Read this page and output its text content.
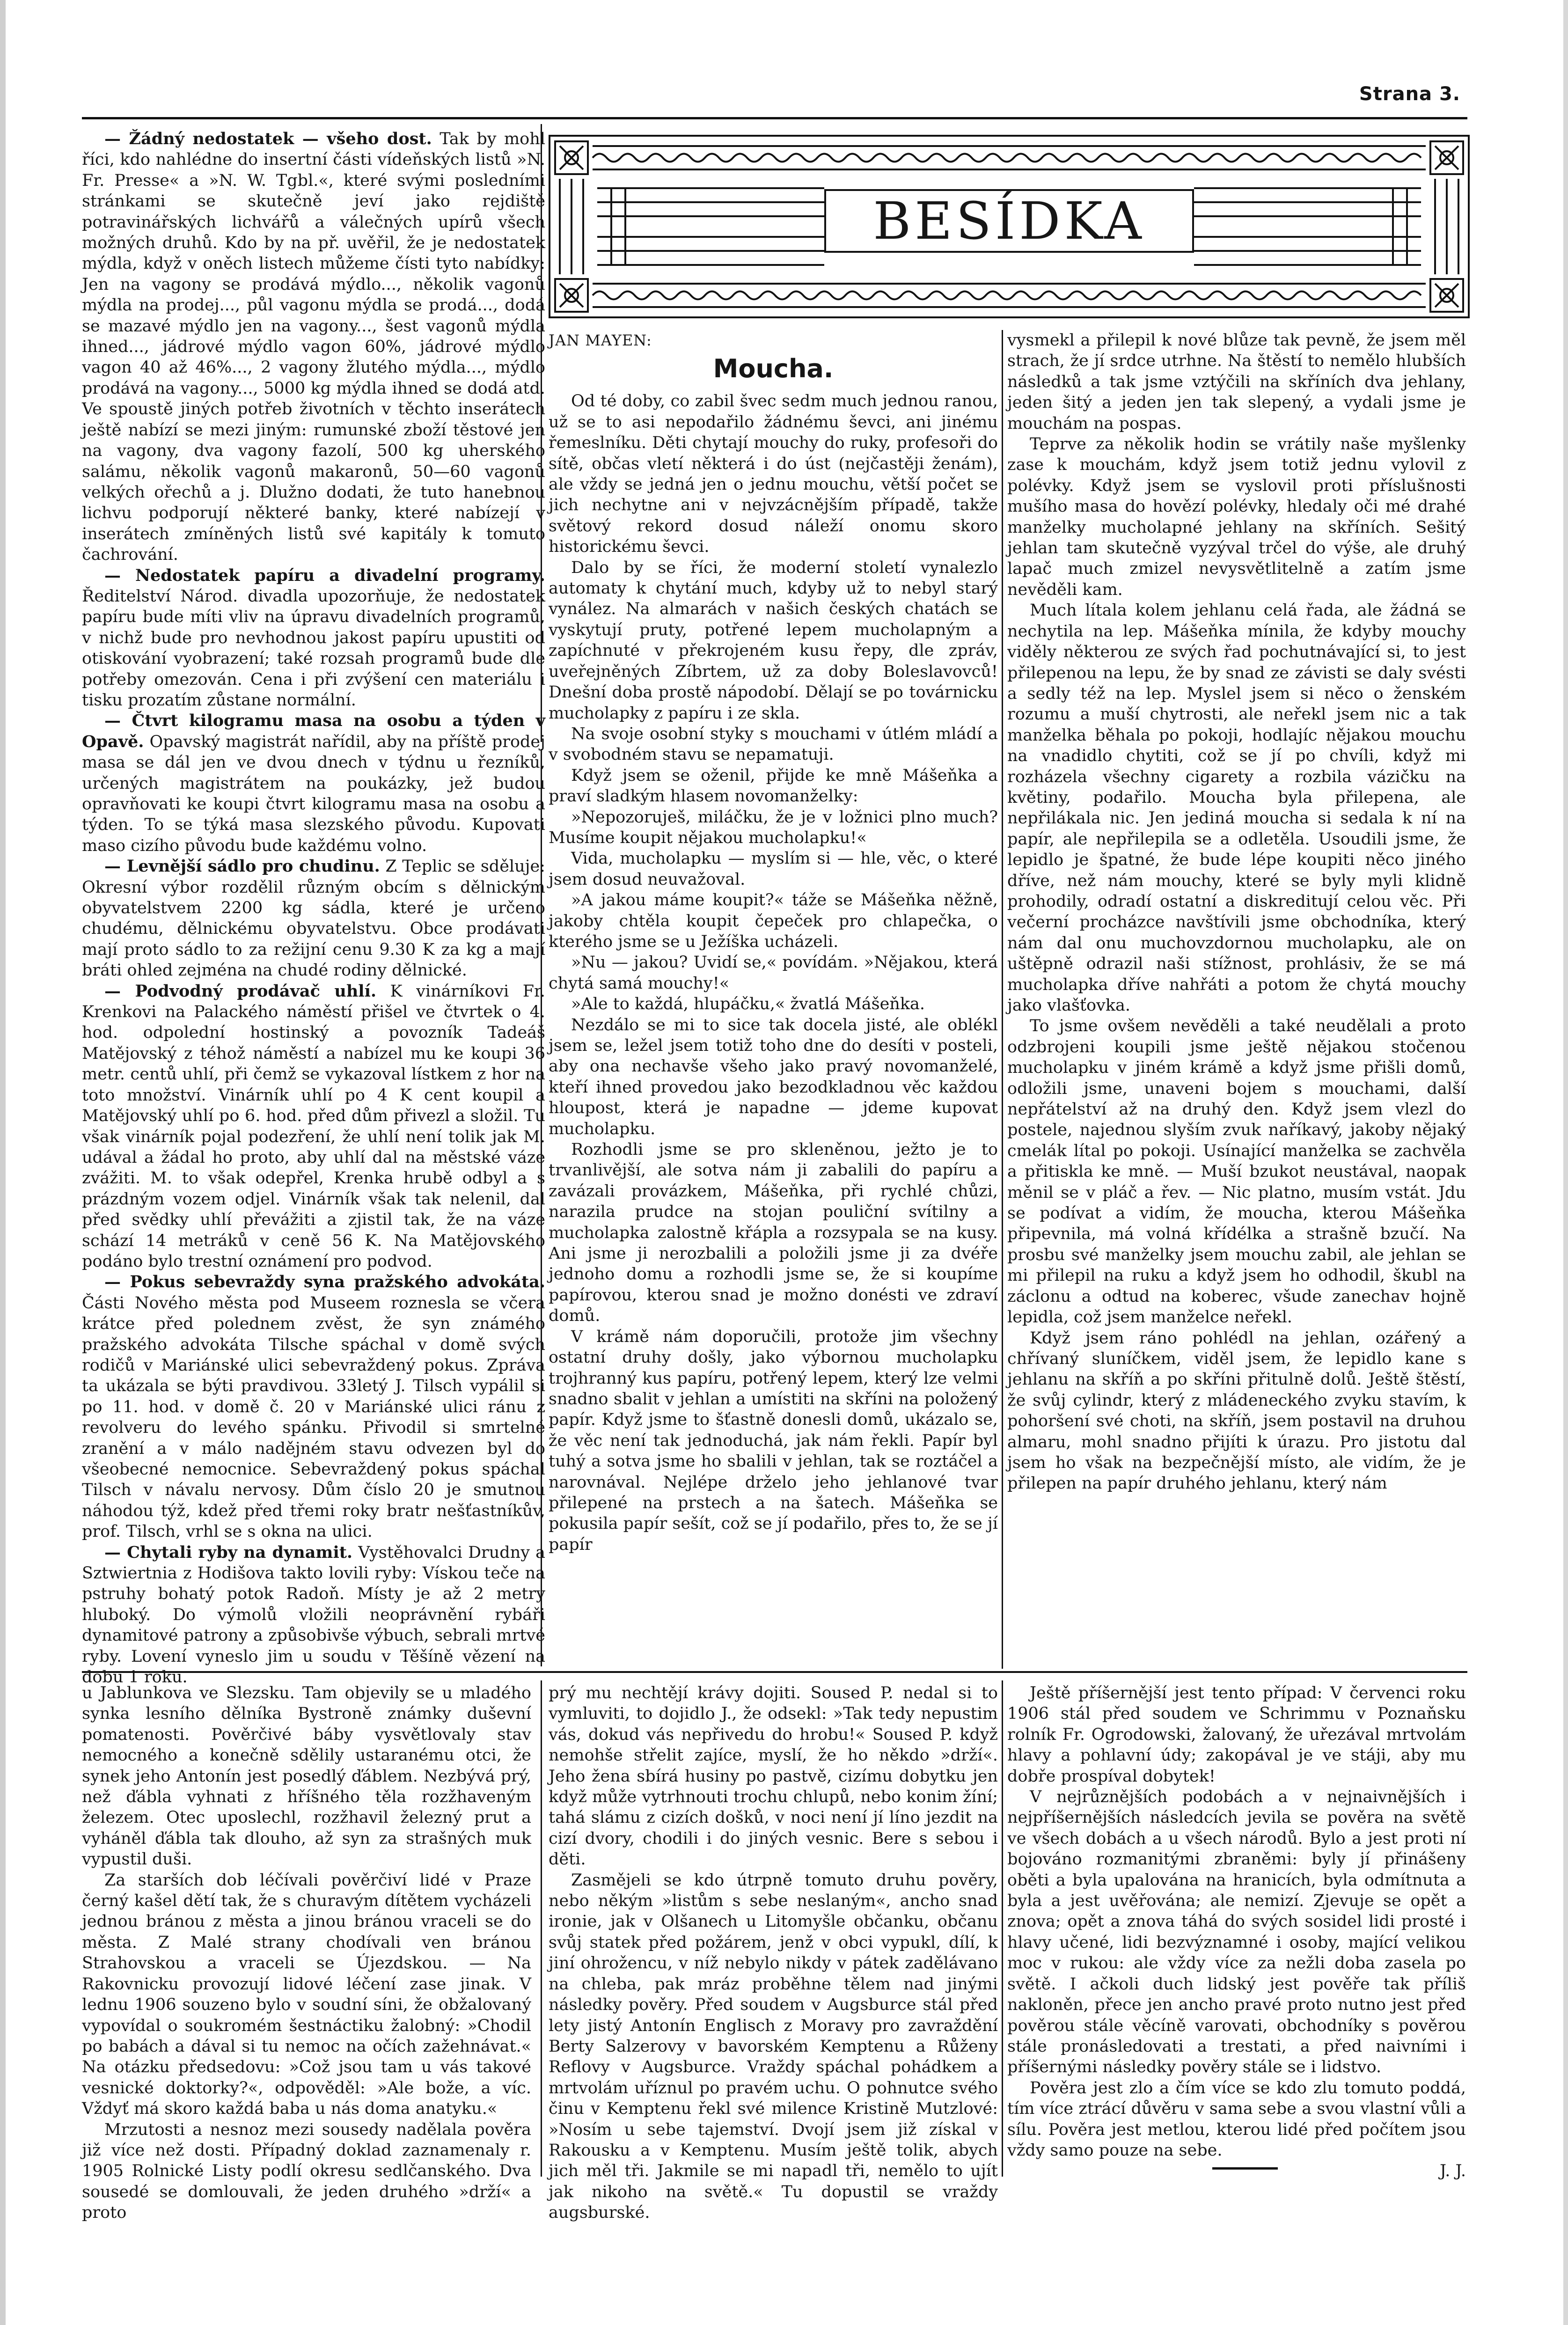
Strana 3.

— Žádný nedostatek — všeho dost. Tak by mohl říci, kdo nahlédne do insertní části vídeňských listů »N. Fr. Presse« a »N. W. Tgbl.«, které svými posledními stránkami se skutečně jeví jako rejdiště potravinářských lichvářů a válečných upírů všech možných druhů. Kdo by na př. uvěřil, že je nedostatek mýdla, když v oněch listech můžeme čísti tyto nabídky: Jen na vagony se prodává mýdlo..., několik vagonů mýdla na prodej..., půl vagonu mýdla se prodá..., dodá se mazavé mýdlo jen na vagony..., šest vagonů mýdla ihned..., jádrové mýdlo vagon 60%, jádrové mýdlo vagon 40 až 46%..., 2 vagony žlutého mýdla..., mýdlo prodává na vagony..., 5000 kg mýdla ihned se dodá atd. Ve spoustě jiných potřeb životních v těchto inserátech ještě nabízí se mezi jiným: rumunské zboží těstové jen na vagony, dva vagony fazolí, 500 kg uherského salámu, několik vagonů makaronů, 50—60 vagonů velkých ořechů a j. Dlužno dodati, že tuto hanebnou lichvu podporují některé banky, které nabízejí v inserátech zmíněných listů své kapitály k tomuto čachrování.

— Nedostatek papíru a divadelní programy. Ředitelství Národ. divadla upozorňuje, že nedostatek papíru bude míti vliv na úpravu divadelních programů, v nichž bude pro nevhodnou jakost papíru upustiti od otiskování vyobrazení; také rozsah programů bude dle potřeby omezován. Cena i při zvýšení cen materiálu i tisku prozatím zůstane normální.

— Čtvrt kilogramu masa na osobu a týden v Opavě. Opavský magistrát nařídil, aby na příště prodej masa se dál jen ve dvou dnech v týdnu u řezníků, určených magistrátem na poukázky, jež budou opravňovati ke koupi čtvrt kilogramu masa na osobu a týden. To se týká masa slezského původu. Kupovati maso cizího původu bude každému volno.

— Levnější sádlo pro chudinu. Z Teplic se sděluje: Okresní výbor rozdělil různým obcím s dělnickým obyvatelstvem 2200 kg sádla, které je určeno chudému, dělnickému obyvatelstvu. Obce prodávati mají proto sádlo to za režijní cenu 9.30 K za kg a mají bráti ohled zejména na chudé rodiny dělnické.

— Podvodný prodávač uhlí. K vinárníkovi Fr. Krenkovi na Palackého náměstí přišel ve čtvrtek o 4. hod. odpolední hostinský a povozník Tadeáš Matějovský z téhož náměstí a nabízel mu ke koupi 36 metr. centů uhlí, při čemž se vykazoval lístkem z hor na toto množství. Vinárník uhlí po 4 K cent koupil a Matějovský uhlí po 6. hod. před dům přivezl a složil. Tu však vinárník pojal podezření, že uhlí není tolik jak M. udával a žádal ho proto, aby uhlí dal na městské váze zvážiti. M. to však odepřel, Krenka hrubě odbyl a s prázdným vozem odjel. Vinárník však tak nelenil, dal před svědky uhlí převážiti a zjistil tak, že na váze schází 14 metráků v ceně 56 K. Na Matějovského podáno bylo trestní oznámení pro podvod.

— Pokus sebevraždy syna pražského advokáta. Části Nového města pod Museem roznesla se včera krátce před polednem zvěst, že syn známého pražského advokáta Tilsche spáchal v domě svých rodičů v Mariánské ulici sebevraždený pokus. Zpráva ta ukázala se býti pravdivou. 33letý J. Tilsch vypálil si po 11. hod. v domě č. 20 v Mariánské ulici ránu z revolveru do levého spánku. Přivodil si smrtelné zranění a v málo nadějném stavu odvezen byl do všeobecné nemocnice. Sebevraždený pokus spáchal Tilsch v návalu nervosy. Dům číslo 20 je smutnou náhodou týž, kdež před třemi roky bratr nešťastníkův, prof. Tilsch, vrhl se s okna na ulici.

— Chytali ryby na dynamit. Vystěhovalci Drudny a Sztwiertnia z Hodišova takto lovili ryby: Vískou teče na pstruhy bohatý potok Radoň. Místy je až 2 metry hluboký. Do výmolů vložili neoprávnění rybáři dynamitové patrony a způsobivše výbuch, sebrali mrtvé ryby. Lovení vyneslo jim u soudu v Těšíně vězení na dobu 1 roku.

BESÍDKA

JAN MAYEN:

Moucha.

Od té doby, co zabil švec sedm much jednou ranou, už se to asi nepodařilo žádnému ševci, ani jinému řemeslníku. Děti chytají mouchy do ruky, profesoři do sítě, občas vletí některá i do úst (nejčastěji ženám), ale vždy se jedná jen o jednu mouchu, větší počet se jich nechytne ani v nejvzácnějším případě, takže světový rekord dosud náleží onomu skoro historickému ševci.

Dalo by se říci, že moderní století vynalezlo automaty k chytání much, kdyby už to nebyl starý vynález. Na almarách v našich českých chatách se vyskytují pruty, potřené lepem mucholapným a zapíchnuté v překrojeném kusu řepy, dle zpráv, uveřejněných Zíbrtem, už za doby Boleslavovců! Dnešní doba prostě nápodobí. Dělají se po továrnicku mucholapky z papíru i ze skla.

Na svoje osobní styky s mouchami v útlém mládí a v svobodném stavu se nepamatuji.

Když jsem se oženil, přijde ke mně Mášeňka a praví sladkým hlasem novomanželky:

»Nepozoruješ, miláčku, že je v ložnici plno much? Musíme koupit nějakou mucholapku!«

Vida, mucholapku — myslím si — hle, věc, o které jsem dosud neuvažoval.

»A jakou máme koupit?« táže se Mášeňka něžně, jakoby chtěla koupit čepeček pro chlapečka, o kterého jsme se u Ježíška ucházeli.

»Nu — jakou? Uvidí se,« povídám. »Nějakou, která chytá samá mouchy!«

»Ale to každá, hlupáčku,« žvatlá Mášeňka.

Nezdálo se mi to sice tak docela jisté, ale oblékl jsem se, ležel jsem totiž toho dne do desíti v posteli, aby ona nechavše všeho jako pravý novomanželé, kteří ihned provedou jako bezodkladnou věc každou hloupost, která je napadne — jdeme kupovat mucholapku.

Rozhodli jsme se pro skleněnou, ježto je to trvanlivější, ale sotva nám ji zabalili do papíru a zavázali provázkem, Mášeňka, při rychlé chůzi, narazila prudce na stojan pouliční svítilny a mucholapka zalostně křápla a rozsypala se na kusy. Ani jsme ji nerozbalili a položili jsme ji za dvéře jednoho domu a rozhodli jsme se, že si koupíme papírovou, kterou snad je možno donésti ve zdraví domů.

V krámě nám doporučili, protože jim všechny ostatní druhy došly, jako výbornou mucholapku trojhranný kus papíru, potřený lepem, který lze velmi snadno sbalit v jehlan a umístiti na skříni na položený papír. Když jsme to šťastně donesli domů, ukázalo se, že věc není tak jednoduchá, jak nám řekli. Papír byl tuhý a sotva jsme ho sbalili v jehlan, tak se roztáčel a narovnával. Nejlépe drželo jeho jehlanové tvar přilepené na prstech a na šatech. Mášeňka se pokusila papír sešít, což se jí podařilo, přes to, že se jí papír

vysmekl a přilepil k nové blůze tak pevně, že jsem měl strach, že jí srdce utrhne. Na štěstí to nemělo hlubších následků a tak jsme vztýčili na skříních dva jehlany, jeden šitý a jeden jen tak slepený, a vydali jsme je mouchám na pospas.

Teprve za několik hodin se vrátily naše myšlenky zase k mouchám, když jsem totiž jednu vylovil z polévky. Když jsem se vyslovil proti příslušnosti mušího masa do hovězí polévky, hledaly oči mé drahé manželky mucholapné jehlany na skříních. Sešitý jehlan tam skutečně vyzýval trčel do výše, ale druhý lapač much zmizel nevysvětlitelně a zatím jsme nevěděli kam.

Much lítala kolem jehlanu celá řada, ale žádná se nechytila na lep. Mášeňka mínila, že kdyby mouchy viděly některou ze svých řad pochutnávající si, to jest přilepenou na lepu, že by snad ze závisti se daly svésti a sedly též na lep. Myslel jsem si něco o ženském rozumu a muší chytrosti, ale neřekl jsem nic a tak manželka běhala po pokoji, hodlajíc nějakou mouchu na vnadidlo chytiti, což se jí po chvíli, když mi rozházela všechny cigarety a rozbila vázičku na květiny, podařilo. Moucha byla přilepena, ale nepřilákala nic. Jen jediná moucha si sedala k ní na papír, ale nepřilepila se a odletěla. Usoudili jsme, že lepidlo je špatné, že bude lépe koupiti něco jiného dříve, než nám mouchy, které se byly myli klidně prohodily, odradí ostatní a diskreditují celou věc. Při večerní procházce navštívili jsme obchodníka, který nám dal onu muchovzdornou mucholapku, ale on uštěpně odrazil naši stížnost, prohlásiv, že se má mucholapka dříve nahřáti a potom že chytá mouchy jako vlašťovka.

To jsme ovšem nevěděli a také neudělali a proto odzbrojeni koupili jsme ještě nějakou stočenou mucholapku v jiném krámě a když jsme přišli domů, odložili jsme, unaveni bojem s mouchami, další nepřátelství až na druhý den. Když jsem vlezl do postele, najednou slyším zvuk naříkavý, jakoby nějaký cmelák lítal po pokoji. Usínající manželka se zachvěla a přitiskla ke mně. — Muší bzukot neustával, naopak měnil se v pláč a řev. — Nic platno, musím vstát. Jdu se podívat a vidím, že moucha, kterou Mášeňka připevnila, má volná křídélka a strašně bzučí. Na prosbu své manželky jsem mouchu zabil, ale jehlan se mi přilepil na ruku a když jsem ho odhodil, škubl na záclonu a odtud na koberec, všude zanechav hojně lepidla, což jsem manželce neřekl.

Když jsem ráno pohlédl na jehlan, ozářený a chřívaný sluníčkem, viděl jsem, že lepidlo kane s jehlanu na skříň a po skříni přitulně dolů. Ještě štěstí, že svůj cylindr, který z mládeneckého zvyku stavím, k pohoršení své choti, na skříň, jsem postavil na druhou almaru, mohl snadno přijíti k úrazu. Pro jistotu dal jsem ho však na bezpečnější místo, ale vidím, že je přilepen na papír druhého jehlanu, který nám

u Jablunkova ve Slezsku. Tam objevily se u mladého synka lesního dělníka Bystroně známky duševní pomatenosti. Pověrčivé báby vysvětlovaly stav nemocného a konečně sdělily ustaranému otci, že synek jeho Antonín jest posedlý ďáblem. Nezbývá prý, než ďábla vyhnati z hříšného těla rozžhaveným železem. Otec uposlechl, rozžhavil železný prut a vyháněl ďábla tak dlouho, až syn za strašných muk vypustil duši.

Za starších dob léčívali pověrčiví lidé v Praze černý kašel dětí tak, že s churavým dítětem vycházeli jednou bránou z města a jinou bránou vraceli se do města. Z Malé strany chodívali ven bránou Strahovskou a vraceli se Újezdskou. — Na Rakovnicku provozují lidové léčení zase jinak. V lednu 1906 souzeno bylo v soudní síni, že obžalovaný vypovídal o soukromém šestnáctiku žalobný: »Chodil po babách a dával si tu nemoc na očích zažehnávat.« Na otázku předsedovu: »Což jsou tam u vás takové vesnické doktorky?«, odpověděl: »Ale bože, a víc. Vždyť má skoro každá baba u nás doma anatyku.«

Mrzutosti a nesnoz mezi sousedy nadělala pověra již více než dosti. Případný doklad zaznamenaly r. 1905 Rolnické Listy podlí okresu sedlčanského. Dva sousedé se domlouvali, že jeden druhého »drží« a proto

prý mu nechtějí krávy dojiti. Soused P. nedal si to vymluviti, to dojidlo J., že odsekl: »Tak tedy nepustim vás, dokud vás nepřivedu do hrobu!« Soused P. když nemohše střelit zajíce, myslí, že ho někdo »drží«. Jeho žena sbírá husiny po pastvě, cizímu dobytku jen když může vytrhnouti trochu chlupů, nebo konim žíní; tahá slámu z cizích došků, v noci není jí líno jezdit na cizí dvory, chodili i do jiných vesnic. Bere s sebou i děti.

Zasmějeli se kdo útrpně tomuto druhu pověry, nebo někým »listům s sebe neslaným«, ancho snad ironie, jak v Olšanech u Litomyšle občanku, občanu svůj statek před požárem, jenž v obci vypukl, dílí, k jiní ohrožencu, v níž nebylo nikdy v pátek zadělávano na chleba, pak mráz proběhne tělem nad jinými následky pověry. Před soudem v Augsburce stál před lety jistý Antonín Englisch z Moravy pro zavraždění Berty Salzerovy v bavorském Kemptenu a Růženy Reflovy v Augsburce. Vraždy spáchal pohádkem a mrtvolám uříznul po pravém uchu. O pohnutce svého činu v Kemptenu řekl své milence Kristině Mutzlové: »Nosím u sebe tajemství. Dvojí jsem již získal v Rakousku a v Kemptenu. Musím ještě tolik, abych jich měl tři. Jakmile se mi napadl tři, nemělo to ujít jak nikoho na světě.« Tu dopustil se vraždy augsburské.

Ještě příšernější jest tento případ: V červenci roku 1906 stál před soudem ve Schrimmu v Poznaňsku rolník Fr. Ogrodowski, žalovaný, že uřezával mrtvolám hlavy a pohlavní údy; zakopával je ve stáji, aby mu dobře prospíval dobytek!

V nejrůznějších podobách a v nejnaivnějších i nejpříšernějších následcích jevila se pověra na světě ve všech dobách a u všech národů. Bylo a jest proti ní bojováno rozmanitými zbraněmi: byly jí přinášeny oběti a byla upalována na hranicích, byla odmítnuta a byla a jest uvěřována; ale nemizí. Zjevuje se opět a znova; opět a znova táhá do svých sosidel lidi prosté i hlavy učené, lidi bezvýznamné i osoby, mající velikou moc v rukou: ale vždy více za nežli doba zasela po světě. I ačkoli duch lidský jest pověře tak příliš nakloněn, přece jen ancho pravé proto nutno jest před pověrou stále věcíně varovati, obchodníky s pověrou stále pronásledovati a trestati, a před naivními i příšernými následky pověry stále se i lidstvo.

Pověra jest zlo a čím více se kdo zlu tomuto poddá, tím více ztrácí důvěru v sama sebe a svou vlastní vůli a sílu. Pověra jest metlou, kterou lidé před počítem jsou vždy samo pouze na sebe.

J. J.
